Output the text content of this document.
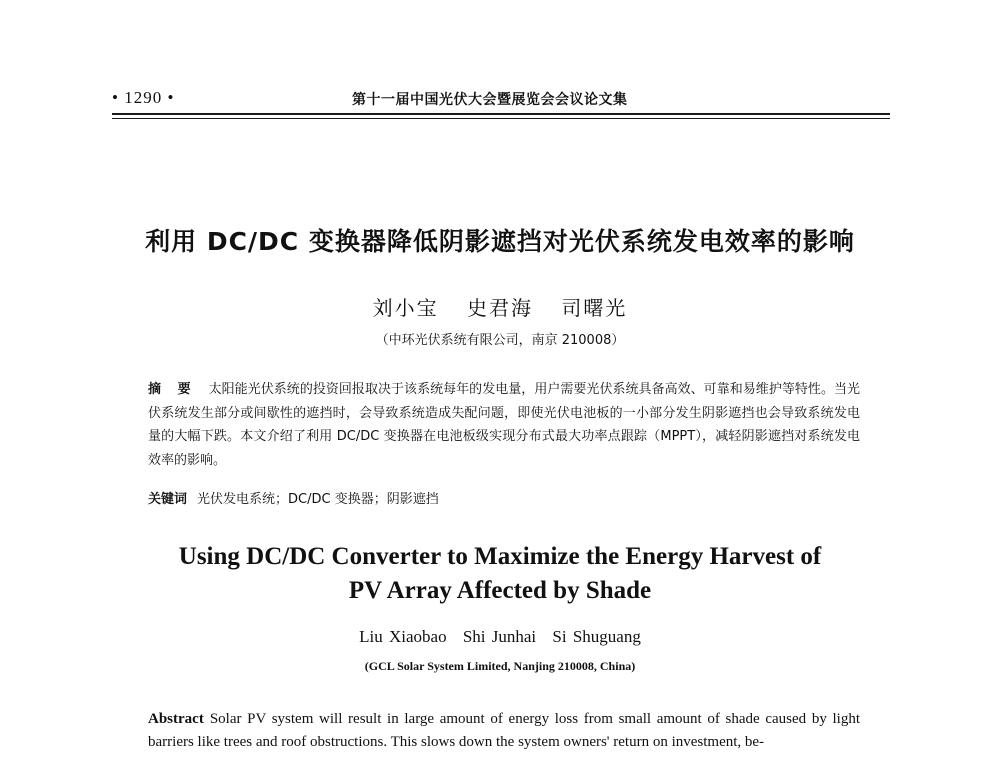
• 1290 •	第十一届中国光伏大会暨展览会会议论文集
利用 DC/DC 变换器降低阴影遮挡对光伏系统发电效率的影响
刘小宝 史君海 司曙光
（中环光伏系统有限公司，南京 210008）
摘 要 太阳能光伏系统的投资回报取决于该系统每年的发电量，用户需要光伏系统具备高效、可靠和易维护等特性。当光伏系统发生部分或间歇性的遮挡时，会导致系统造成失配问题，即使光伏电池板的一小部分发生阴影遮挡也会导致系统发电量的大幅下跌。本文介绍了利用 DC/DC 变换器在电池板级实现分布式最大功率点跟踪（MPPT），减轻阴影遮挡对系统发电效率的影响。
关键词 光伏发电系统；DC/DC 变换器；阴影遮挡
Using DC/DC Converter to Maximize the Energy Harvest of
PV Array Affected by Shade
Liu Xiaobao Shi Junhai Si Shuguang
(GCL Solar System Limited, Nanjing 210008, China)
Abstract Solar PV system will result in large amount of energy loss from small amount of shade caused by light barriers like trees and roof obstructions. This slows down the system owners' return on investment, be-
